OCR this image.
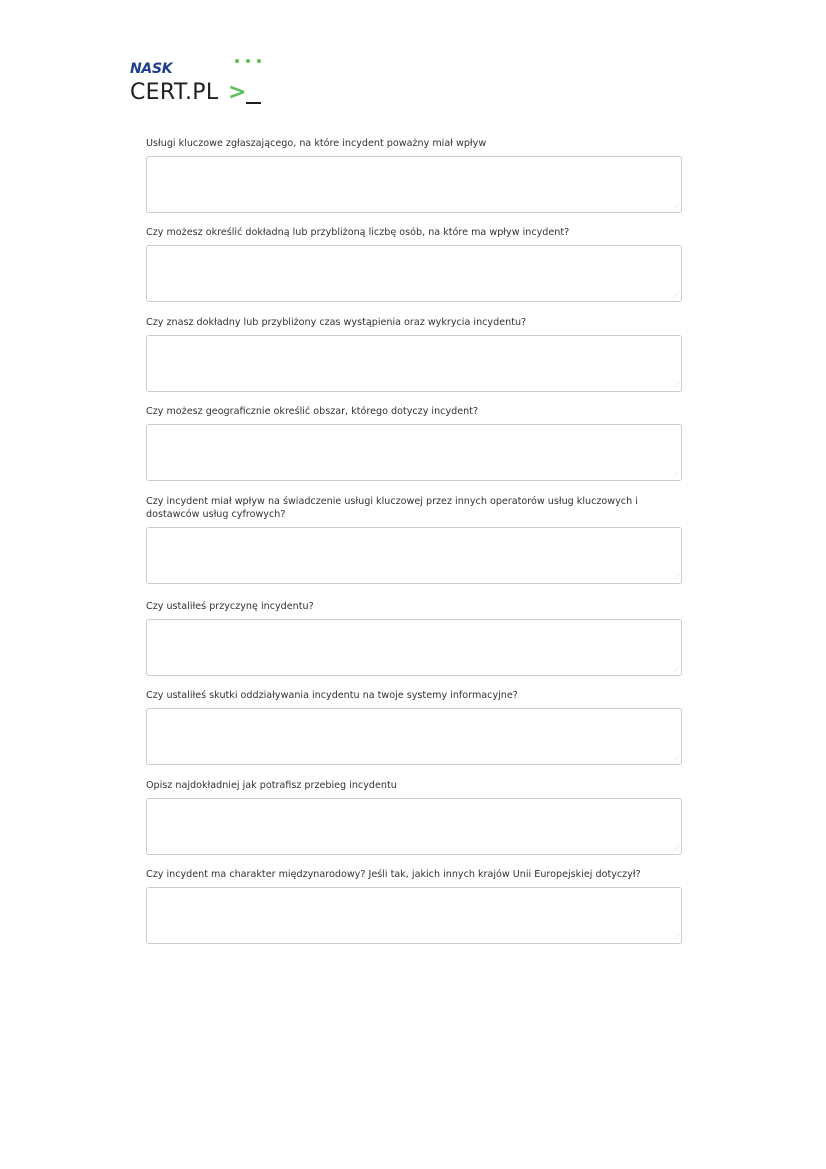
NASK
CERT.PL >
Usługi kluczowe zgłaszającego, na które incydent poważny miał wpływ
⋰
Czy możesz określić dokładną lub przybliżoną liczbę osób, na które ma wpływ incydent?
⋰
Czy znasz dokładny lub przybliżony czas wystąpienia oraz wykrycia incydentu?
⋰
Czy możesz geograficznie określić obszar, którego dotyczy incydent?
⋰
Czy incydent miał wpływ na świadczenie usługi kluczowej przez innych operatorów usług kluczowych i dostawców usług cyfrowych?
⋰
Czy ustaliłeś przyczynę incydentu?
⋰
Czy ustaliłeś skutki oddziaływania incydentu na twoje systemy informacyjne?
⋰
Opisz najdokładniej jak potrafisz przebieg incydentu
⋰
Czy incydent ma charakter międzynarodowy? Jeśli tak, jakich innych krajów Unii Europejskiej dotyczył?
⋰
